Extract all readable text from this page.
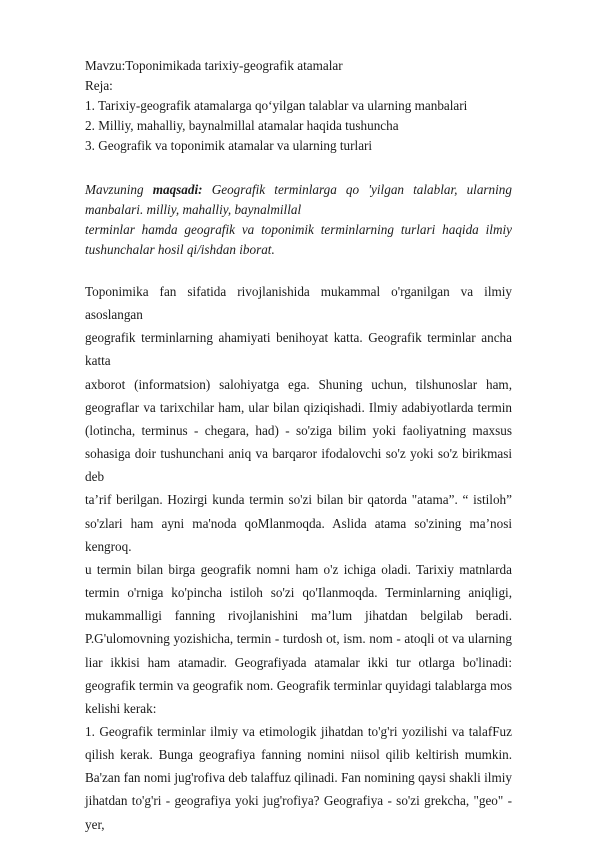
Mavzu:Toponimikada tarixiy-geografik atamalar
Reja:
1. Tarixiy-geografik atamalarga qo‘yilgan talablar va ularning manbalari
2. Milliy, mahalliy, baynalmillal atamalar haqida tushuncha
3. Geografik va toponimik atamalar va ularning turlari
Mavzuning maqsadi: Geografik terminlarga qo 'yilgan talablar, ularning
manbalari. milliy, mahalliy, baynalmillal
terminlar hamda geografik va toponimik terminlarning turlari haqida ilmiy
tushunchalar hosil qi/ishdan iborat.
Toponimika fan sifatida rivojlanishida mukammal o'rganilgan va ilmiy asoslangan
geografik terminlarning ahamiyati benihoyat katta. Geografik terminlar ancha katta
axborot (informatsion) salohiyatga ega. Shuning uchun, tilshunoslar ham,
geograflar va tarixchilar ham, ular bilan qiziqishadi. Ilmiy adabiyotlarda termin
(lotincha, terminus - chegara, had) - so'ziga bilim yoki faoliyatning maxsus
sohasiga doir tushunchani aniq va barqaror ifodalovchi so'z yoki so'z birikmasi deb
ta’rif berilgan. Hozirgi kunda termin so'zi bilan bir qatorda "atama”. “ istiloh”
so'zlari ham ayni ma'noda qoMlanmoqda. Aslida atama so'zining ma’nosi kengroq.
u termin bilan birga geografik nomni ham o'z ichiga oladi. Tarixiy matnlarda
termin o'rniga ko'pincha istiloh so'zi qo'Ilanmoqda. Terminlarning aniqligi,
mukammalligi fanning rivojlanishini ma’lum jihatdan belgilab beradi.
P.G'ulomovning yozishicha, termin - turdosh ot, ism. nom - atoqli ot va ularning
liar ikkisi ham atamadir. Geografiyada atamalar ikki tur otlarga bo'linadi:
geografik termin va geografik nom. Geografik terminlar quyidagi talablarga mos
kelishi kerak:
1. Geografik terminlar ilmiy va etimologik jihatdan to'g'ri yozilishi va talafFuz
qilish kerak. Bunga geografiya fanning nomini niisol qilib keltirish mumkin.
Ba'zan fan nomi jug'rofiva deb talaffuz qilinadi. Fan nomining qaysi shakli ilmiy
jihatdan to'g'ri - geografiya yoki jug'rofiya? Geografiya - so'zi grekcha, "geo" - yer,
